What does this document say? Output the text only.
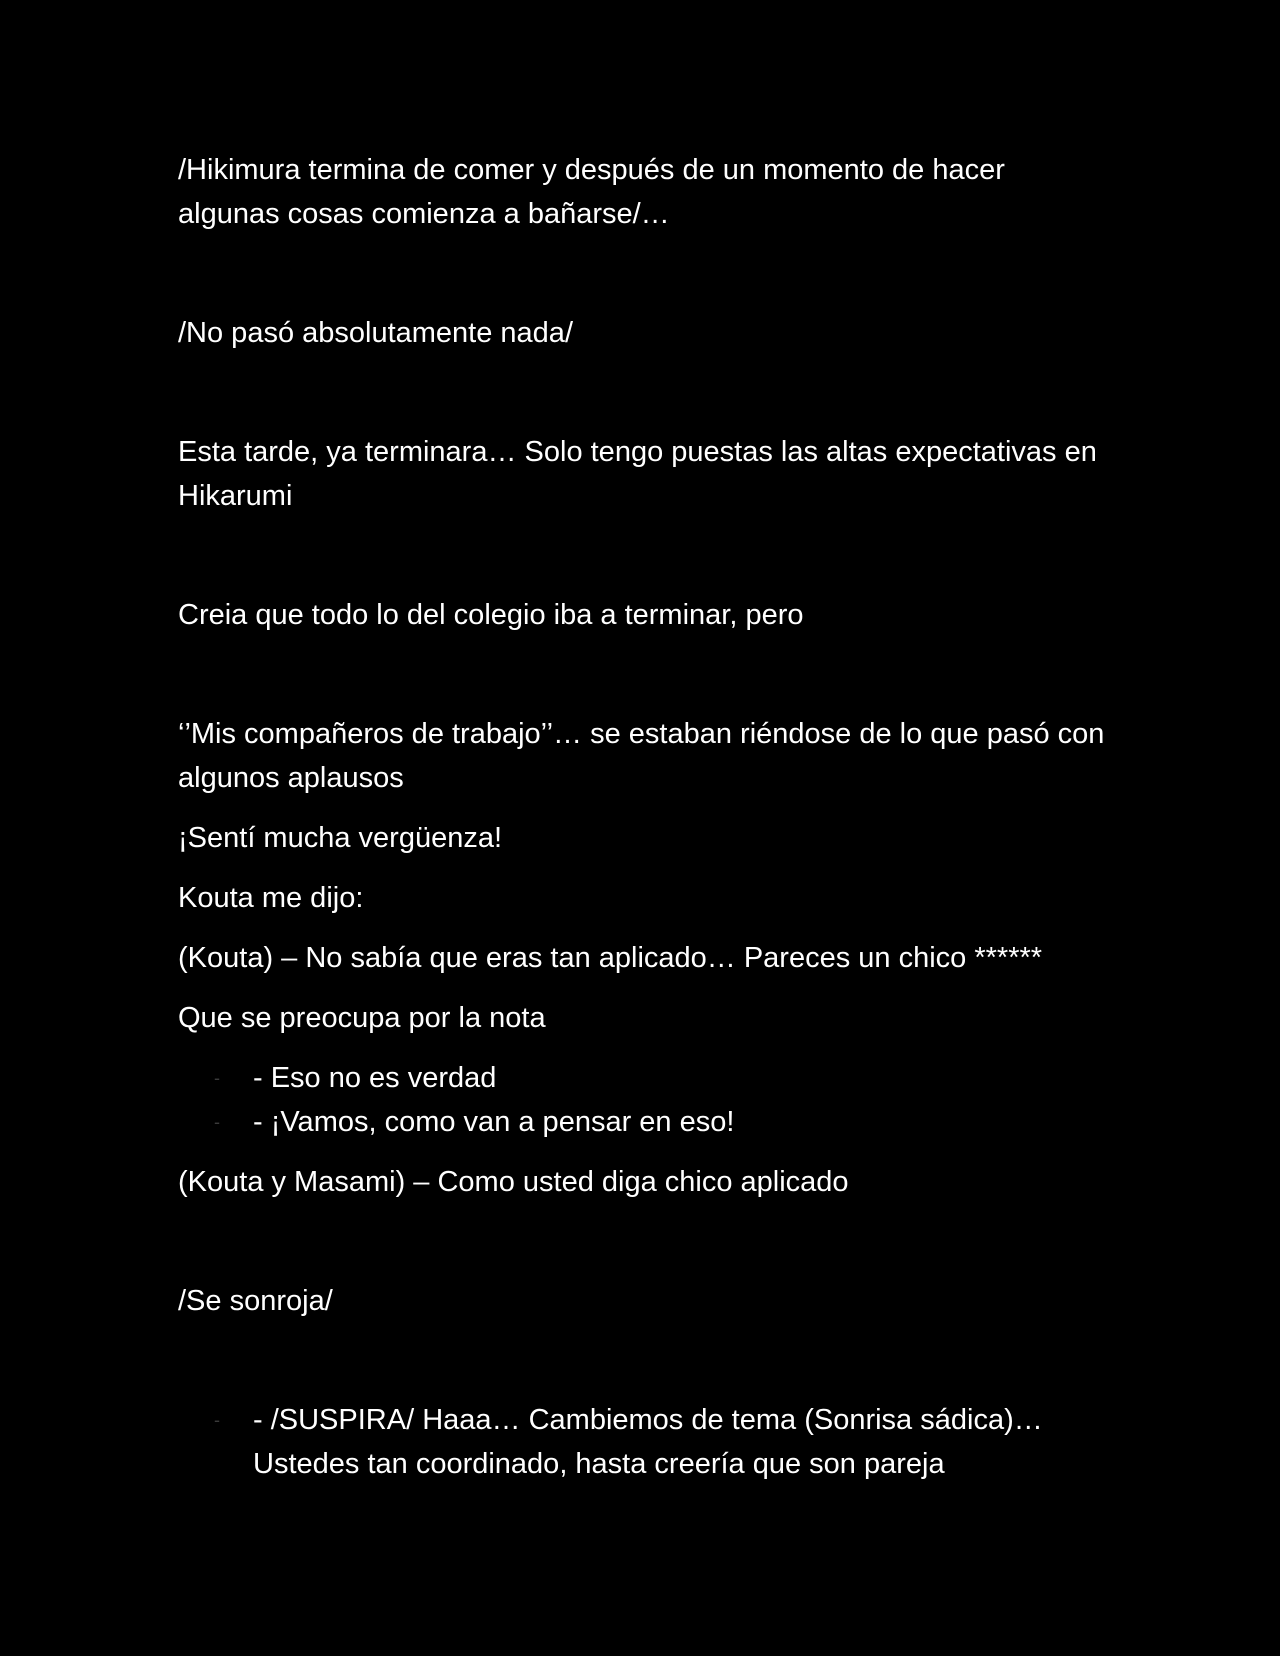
/Hikimura termina de comer y después de un momento de hacer algunas cosas comienza a bañarse/…

/No pasó absolutamente nada/

Esta tarde, ya terminara… Solo tengo puestas las altas expectativas en Hikarumi

Creia que todo lo del colegio iba a terminar, pero

‘’Mis compañeros de trabajo’’… se estaban riéndose de lo que pasó con algunos aplausos

¡Sentí mucha vergüenza!

Kouta me dijo:

(Kouta) – No sabía que eras tan aplicado… Pareces un chico ******

Que se preocupa por la nota

- - Eso no es verdad
- - ¡Vamos, como van a pensar en eso!

(Kouta y Masami) – Como usted diga chico aplicado

/Se sonroja/

- - /SUSPIRA/ Haaa… Cambiemos de tema (Sonrisa sádica)… Ustedes tan coordinado, hasta creería que son pareja
